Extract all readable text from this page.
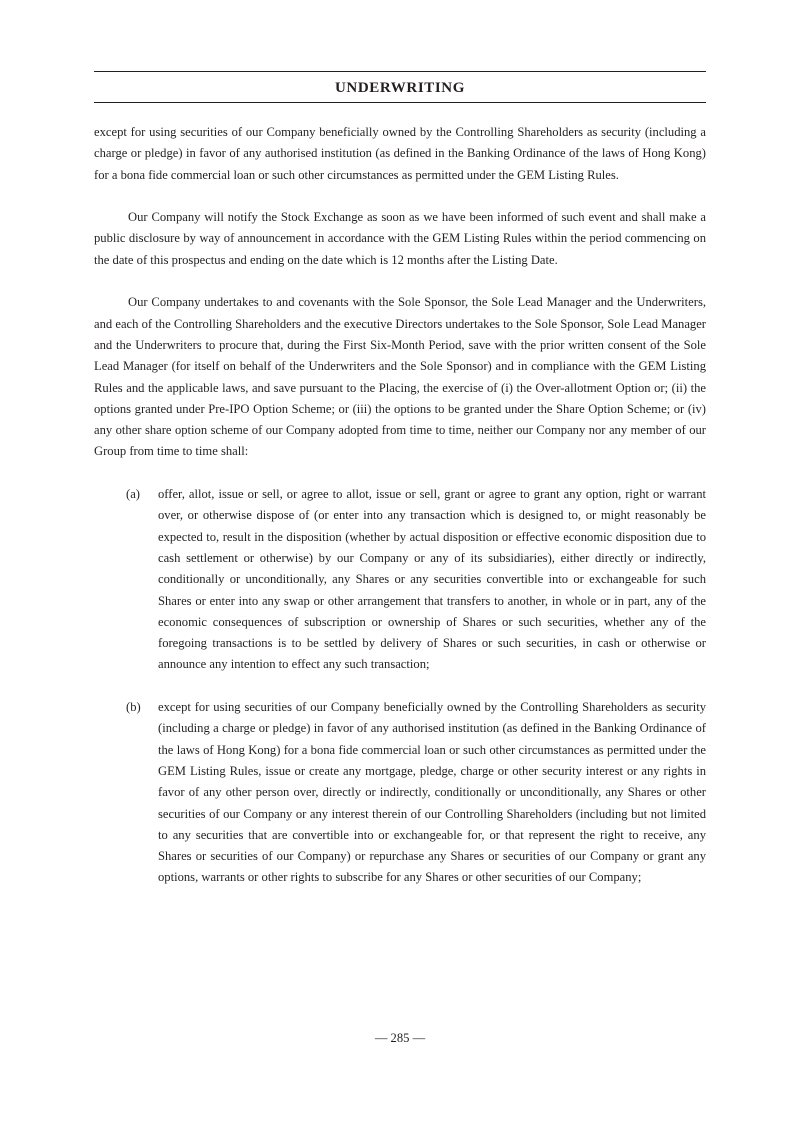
UNDERWRITING

except for using securities of our Company beneficially owned by the Controlling Shareholders as security (including a charge or pledge) in favor of any authorised institution (as defined in the Banking Ordinance of the laws of Hong Kong) for a bona fide commercial loan or such other circumstances as permitted under the GEM Listing Rules.

Our Company will notify the Stock Exchange as soon as we have been informed of such event and shall make a public disclosure by way of announcement in accordance with the GEM Listing Rules within the period commencing on the date of this prospectus and ending on the date which is 12 months after the Listing Date.

Our Company undertakes to and covenants with the Sole Sponsor, the Sole Lead Manager and the Underwriters, and each of the Controlling Shareholders and the executive Directors undertakes to the Sole Sponsor, Sole Lead Manager and the Underwriters to procure that, during the First Six-Month Period, save with the prior written consent of the Sole Lead Manager (for itself on behalf of the Underwriters and the Sole Sponsor) and in compliance with the GEM Listing Rules and the applicable laws, and save pursuant to the Placing, the exercise of (i) the Over-allotment Option or; (ii) the options granted under Pre-IPO Option Scheme; or (iii) the options to be granted under the Share Option Scheme; or (iv) any other share option scheme of our Company adopted from time to time, neither our Company nor any member of our Group from time to time shall:

(a)	offer, allot, issue or sell, or agree to allot, issue or sell, grant or agree to grant any option, right or warrant over, or otherwise dispose of (or enter into any transaction which is designed to, or might reasonably be expected to, result in the disposition (whether by actual disposition or effective economic disposition due to cash settlement or otherwise) by our Company or any of its subsidiaries), either directly or indirectly, conditionally or unconditionally, any Shares or any securities convertible into or exchangeable for such Shares or enter into any swap or other arrangement that transfers to another, in whole or in part, any of the economic consequences of subscription or ownership of Shares or such securities, whether any of the foregoing transactions is to be settled by delivery of Shares or such securities, in cash or otherwise or announce any intention to effect any such transaction;
(b)	except for using securities of our Company beneficially owned by the Controlling Shareholders as security (including a charge or pledge) in favor of any authorised institution (as defined in the Banking Ordinance of the laws of Hong Kong) for a bona fide commercial loan or such other circumstances as permitted under the GEM Listing Rules, issue or create any mortgage, pledge, charge or other security interest or any rights in favor of any other person over, directly or indirectly, conditionally or unconditionally, any Shares or other securities of our Company or any interest therein of our Controlling Shareholders (including but not limited to any securities that are convertible into or exchangeable for, or that represent the right to receive, any Shares or securities of our Company) or repurchase any Shares or securities of our Company or grant any options, warrants or other rights to subscribe for any Shares or other securities of our Company;
— 285 —
